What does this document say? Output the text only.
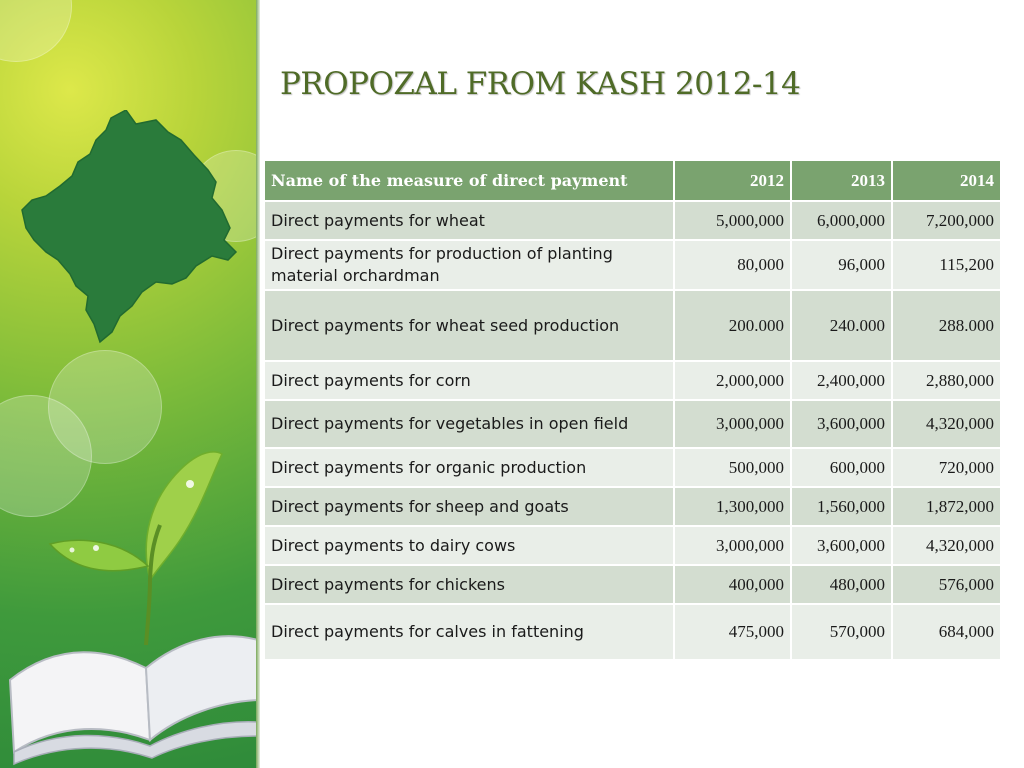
PROPOZAL FROM KASH 2012-14
Name of the measure of direct payment	2012	2013	2014
Direct payments for wheat	5,000,000	6,000,000	7,200,000
Direct payments for production of planting material orchardman	80,000	96,000	115,200
Direct payments for wheat seed production	200.000	240.000	288.000
Direct payments for corn	2,000,000	2,400,000	2,880,000
Direct payments for vegetables in open field	3,000,000	3,600,000	4,320,000
Direct payments for organic production	500,000	600,000	720,000
Direct payments for sheep and goats	1,300,000	1,560,000	1,872,000
Direct payments to dairy cows	3,000,000	3,600,000	4,320,000
Direct payments for chickens	400,000	480,000	576,000
Direct payments for calves in fattening	475,000	570,000	684,000
